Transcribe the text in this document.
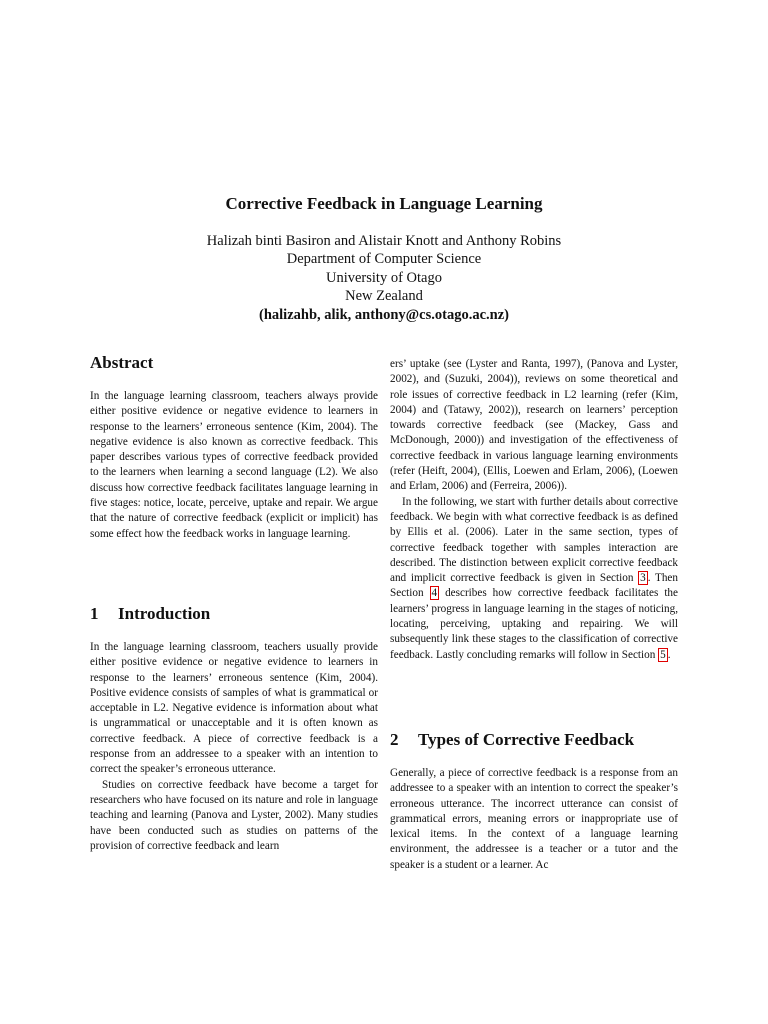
Corrective Feedback in Language Learning
Halizah binti Basiron and Alistair Knott and Anthony Robins
Department of Computer Science
University of Otago
New Zealand
(halizahb, alik, anthony@cs.otago.ac.nz)
Abstract

In the language learning classroom, teachers always provide either positive evidence or negative evidence to learners in response to the learners’ erroneous sentence (Kim, 2004). The negative evidence is also known as corrective feedback. This paper describes various types of corrective feedback provided to the learners when learning a second language (L2). We also discuss how corrective feedback facilitates language learning in five stages: notice, locate, perceive, uptake and repair. We argue that the nature of corrective feedback (explicit or implicit) has some effect how the feedback works in language learning.

1 Introduction

In the language learning classroom, teachers usually provide either positive evidence or negative evidence to learners in response to the learners’ erroneous sentence (Kim, 2004). Positive evidence consists of samples of what is grammatical or acceptable in L2. Negative evidence is information about what is ungrammatical or unacceptable and it is often known as corrective feedback. A piece of corrective feedback is a response from an addressee to a speaker with an intention to correct the speaker’s erroneous utterance.

Studies on corrective feedback have become a target for researchers who have focused on its nature and role in language teaching and learning (Panova and Lyster, 2002). Many studies have been conducted such as studies on patterns of the provision of corrective feedback and learn

ers’ uptake (see (Lyster and Ranta, 1997), (Panova and Lyster, 2002), and (Suzuki, 2004)), reviews on some theoretical and role issues of corrective feedback in L2 learning (refer (Kim, 2004) and (Tatawy, 2002)), research on learners’ perception towards corrective feedback (see (Mackey, Gass and McDonough, 2000)) and investigation of the effectiveness of corrective feedback in various language learning environments (refer (Heift, 2004), (Ellis, Loewen and Erlam, 2006), (Loewen and Erlam, 2006) and (Ferreira, 2006)).

In the following, we start with further details about corrective feedback. We begin with what corrective feedback is as defined by Ellis et al. (2006). Later in the same section, types of corrective feedback together with samples interaction are described. The distinction between explicit corrective feedback and implicit corrective feedback is given in Section 3 . Then Section 4 describes how corrective feedback facilitates the learners’ progress in language learning in the stages of noticing, locating, perceiving, uptaking and repairing. We will subsequently link these stages to the classification of corrective feedback. Lastly concluding remarks will follow in Section 5 .

2 Types of Corrective Feedback

Generally, a piece of corrective feedback is a response from an addressee to a speaker with an intention to correct the speaker’s erroneous utterance. The incorrect utterance can consist of grammatical errors, meaning errors or inappropriate use of lexical items. In the context of a language learning environment, the addressee is a teacher or a tutor and the speaker is a student or a learner. Ac
